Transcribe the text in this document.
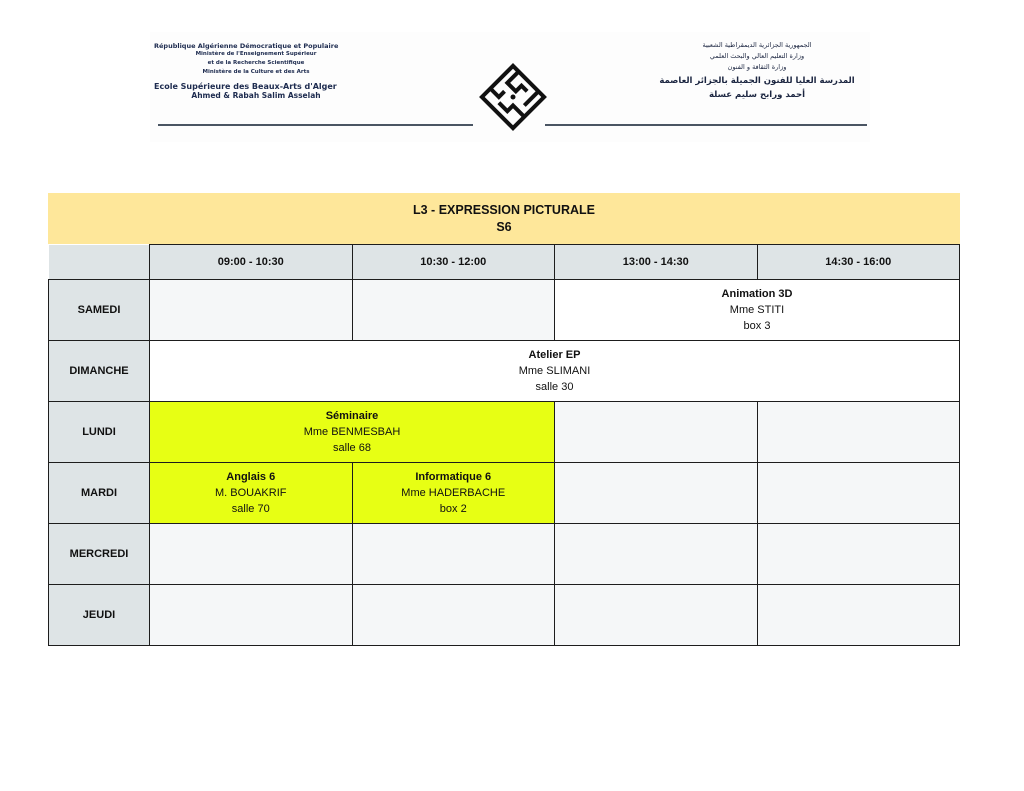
République Algérienne Démocratique et Populaire
Ministère de l'Enseignement Supérieur
et de la Recherche Scientifique
Ministère de la Culture et des Arts
Ecole Supérieure des Beaux-Arts d'Alger
Ahmed & Rabah Salim Asselah
الجمهورية الجزائرية الديمقراطية الشعبية
وزارة التعليم العالي والبحث العلمي
وزارة الثقافة و الفنون
المدرسة العليا للفنون الجميلة بالجزائر العاصمة
أحمد ورابح سليم عسلة
L3 - EXPRESSION PICTURALE
S6
	09:00 - 10:30	10:30 - 12:00	13:00 - 14:30	14:30 - 16:00
SAMEDI			Animation 3D
Mme STITI
box 3	

DIMANCHE	Atelier EP
Mme SLIMANI
salle 30			

LUNDI	Séminaire
Mme BENMESBAH
salle 68			

MARDI	Anglais 6
M. BOUAKRIF
salle 70	Informatique 6
Mme HADERBACHE
box 2		

MERCREDI				
JEUDI				
